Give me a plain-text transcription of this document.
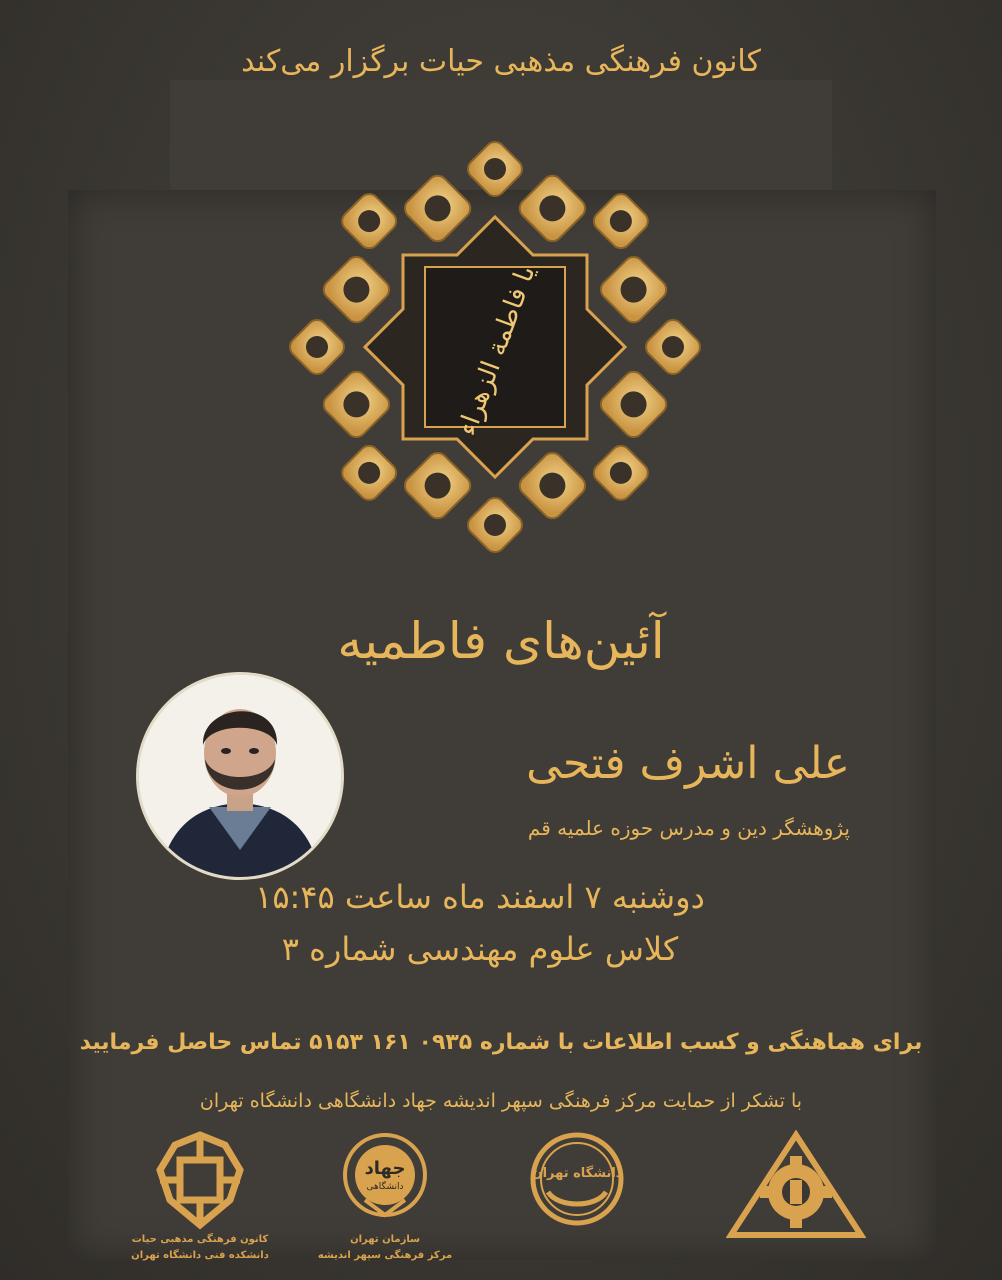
کانون فرهنگی مذهبی حیات برگزار می‌کند
یا فاطمة الزهراء
آئین‌های فاطمیه
علی اشرف فتحی
پژوهشگر دین و مدرس حوزه علمیه قم
دوشنبه ۷ اسفند ماه ساعت ۱۵:۴۵
کلاس علوم مهندسی شماره ۳
برای هماهنگی و کسب اطلاعات با شماره ۰۹۳۵ ۱۶۱ ۵۱۵۳ تماس حاصل فرمایید
با تشکر از حمایت مرکز فرهنگی سپهر اندیشه جهاد دانشگاهی دانشگاه تهران
کانون فرهنگی مذهبی حیات
دانشکده فنی دانشگاه تهران
جهاد
دانشگاهی
سازمان تهران
مرکز فرهنگی سپهر اندیشه
دانشگاه تهران
